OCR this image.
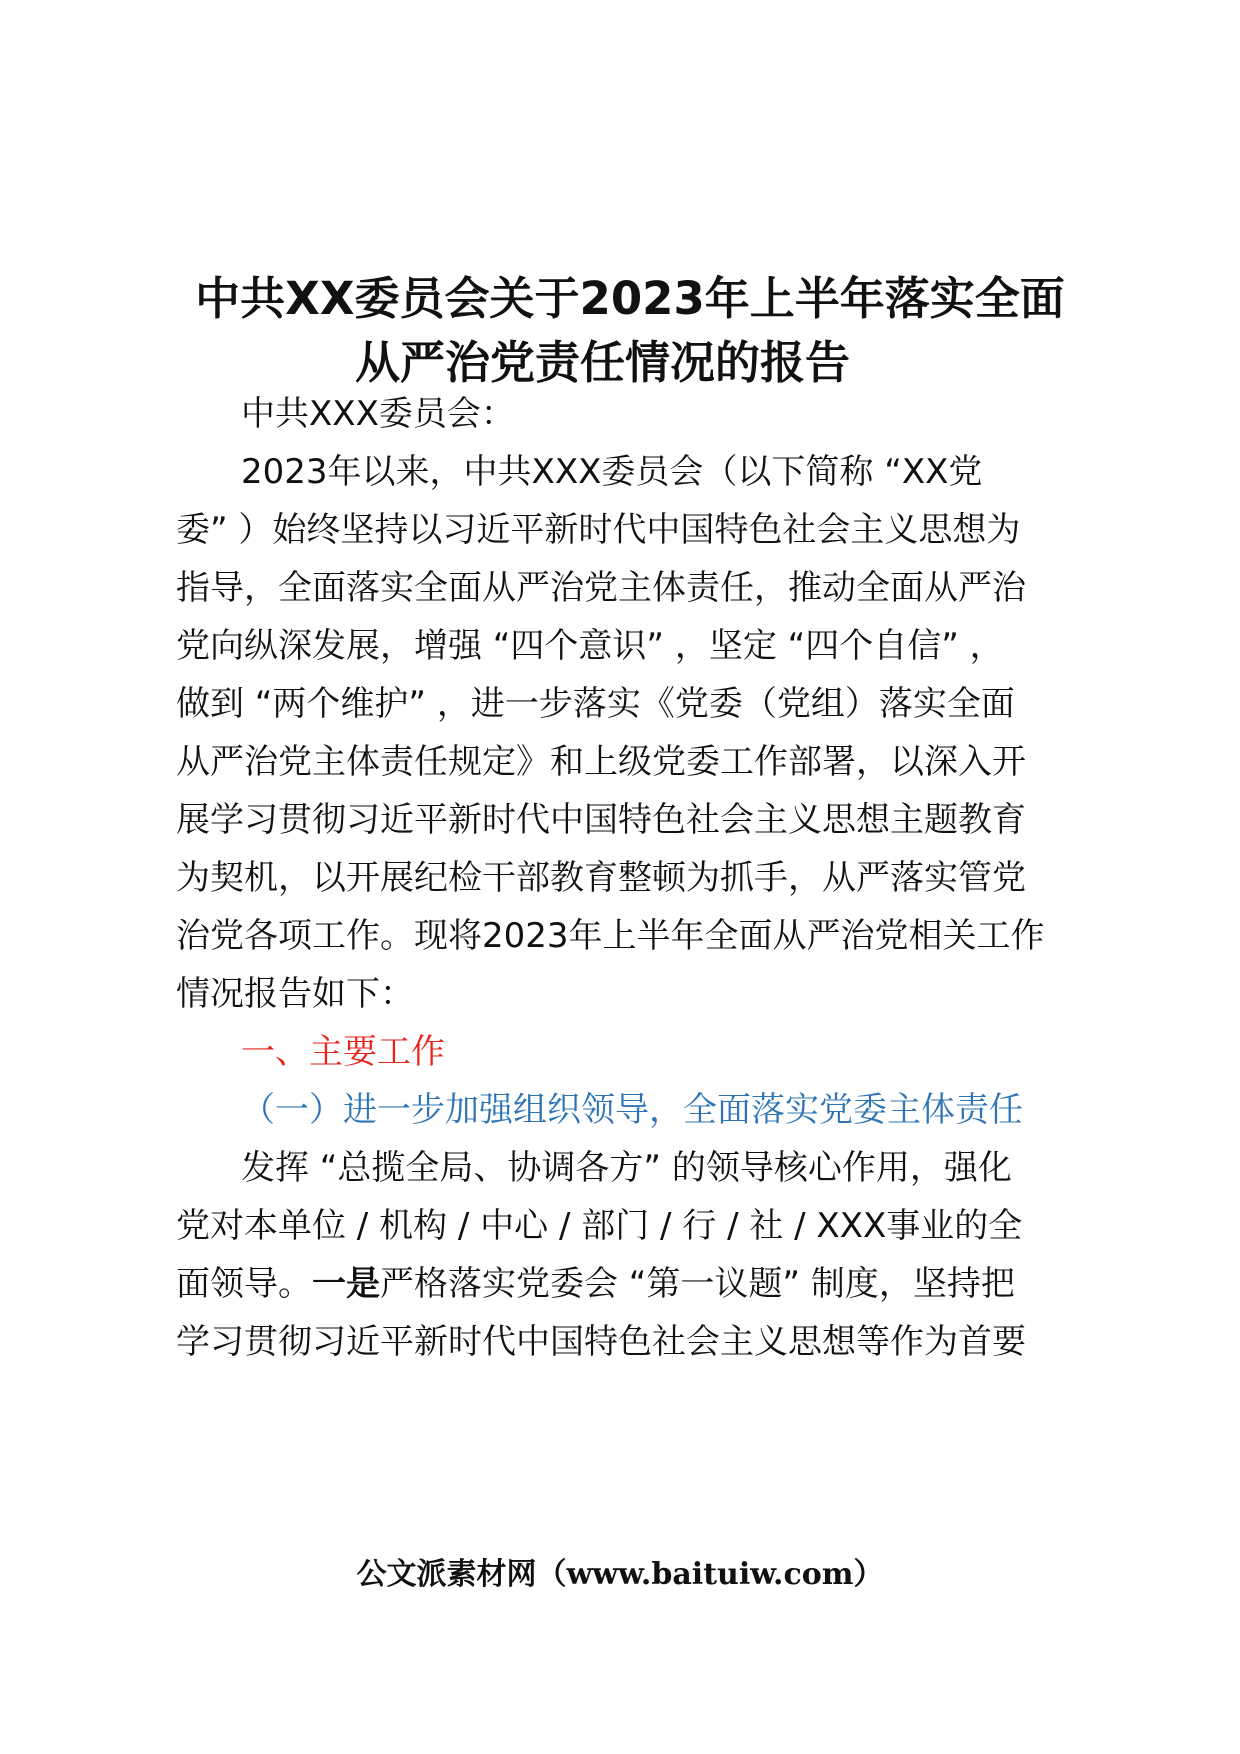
中共XX委员会关于2023年上半年落实全面
从严治党责任情况的报告

中共XXX委员会：

2023年以来，中共XXX委员会（以下简称 “XX党

委” ）始终坚持以习近平新时代中国特色社会主义思想为

指导，全面落实全面从严治党主体责任，推动全面从严治

党向纵深发展，增强 “四个意识” ，坚定 “四个自信” ，

做到 “两个维护” ，进一步落实《党委（党组）落实全面

从严治党主体责任规定》和上级党委工作部署，以深入开

展学习贯彻习近平新时代中国特色社会主义思想主题教育

为契机，以开展纪检干部教育整顿为抓手，从严落实管党

治党各项工作。现将2023年上半年全面从严治党相关工作

情况报告如下：

一、主要工作

（一）进一步加强组织领导，全面落实党委主体责任

发挥 “总揽全局、协调各方” 的领导核心作用，强化

党对本单位 / 机构 / 中心 / 部门 / 行 / 社 / XXX事业的全

面领导。一是严格落实党委会 “第一议题” 制度，坚持把

学习贯彻习近平新时代中国特色社会主义思想等作为首要

公文派素材网（www.baituiw.com）
